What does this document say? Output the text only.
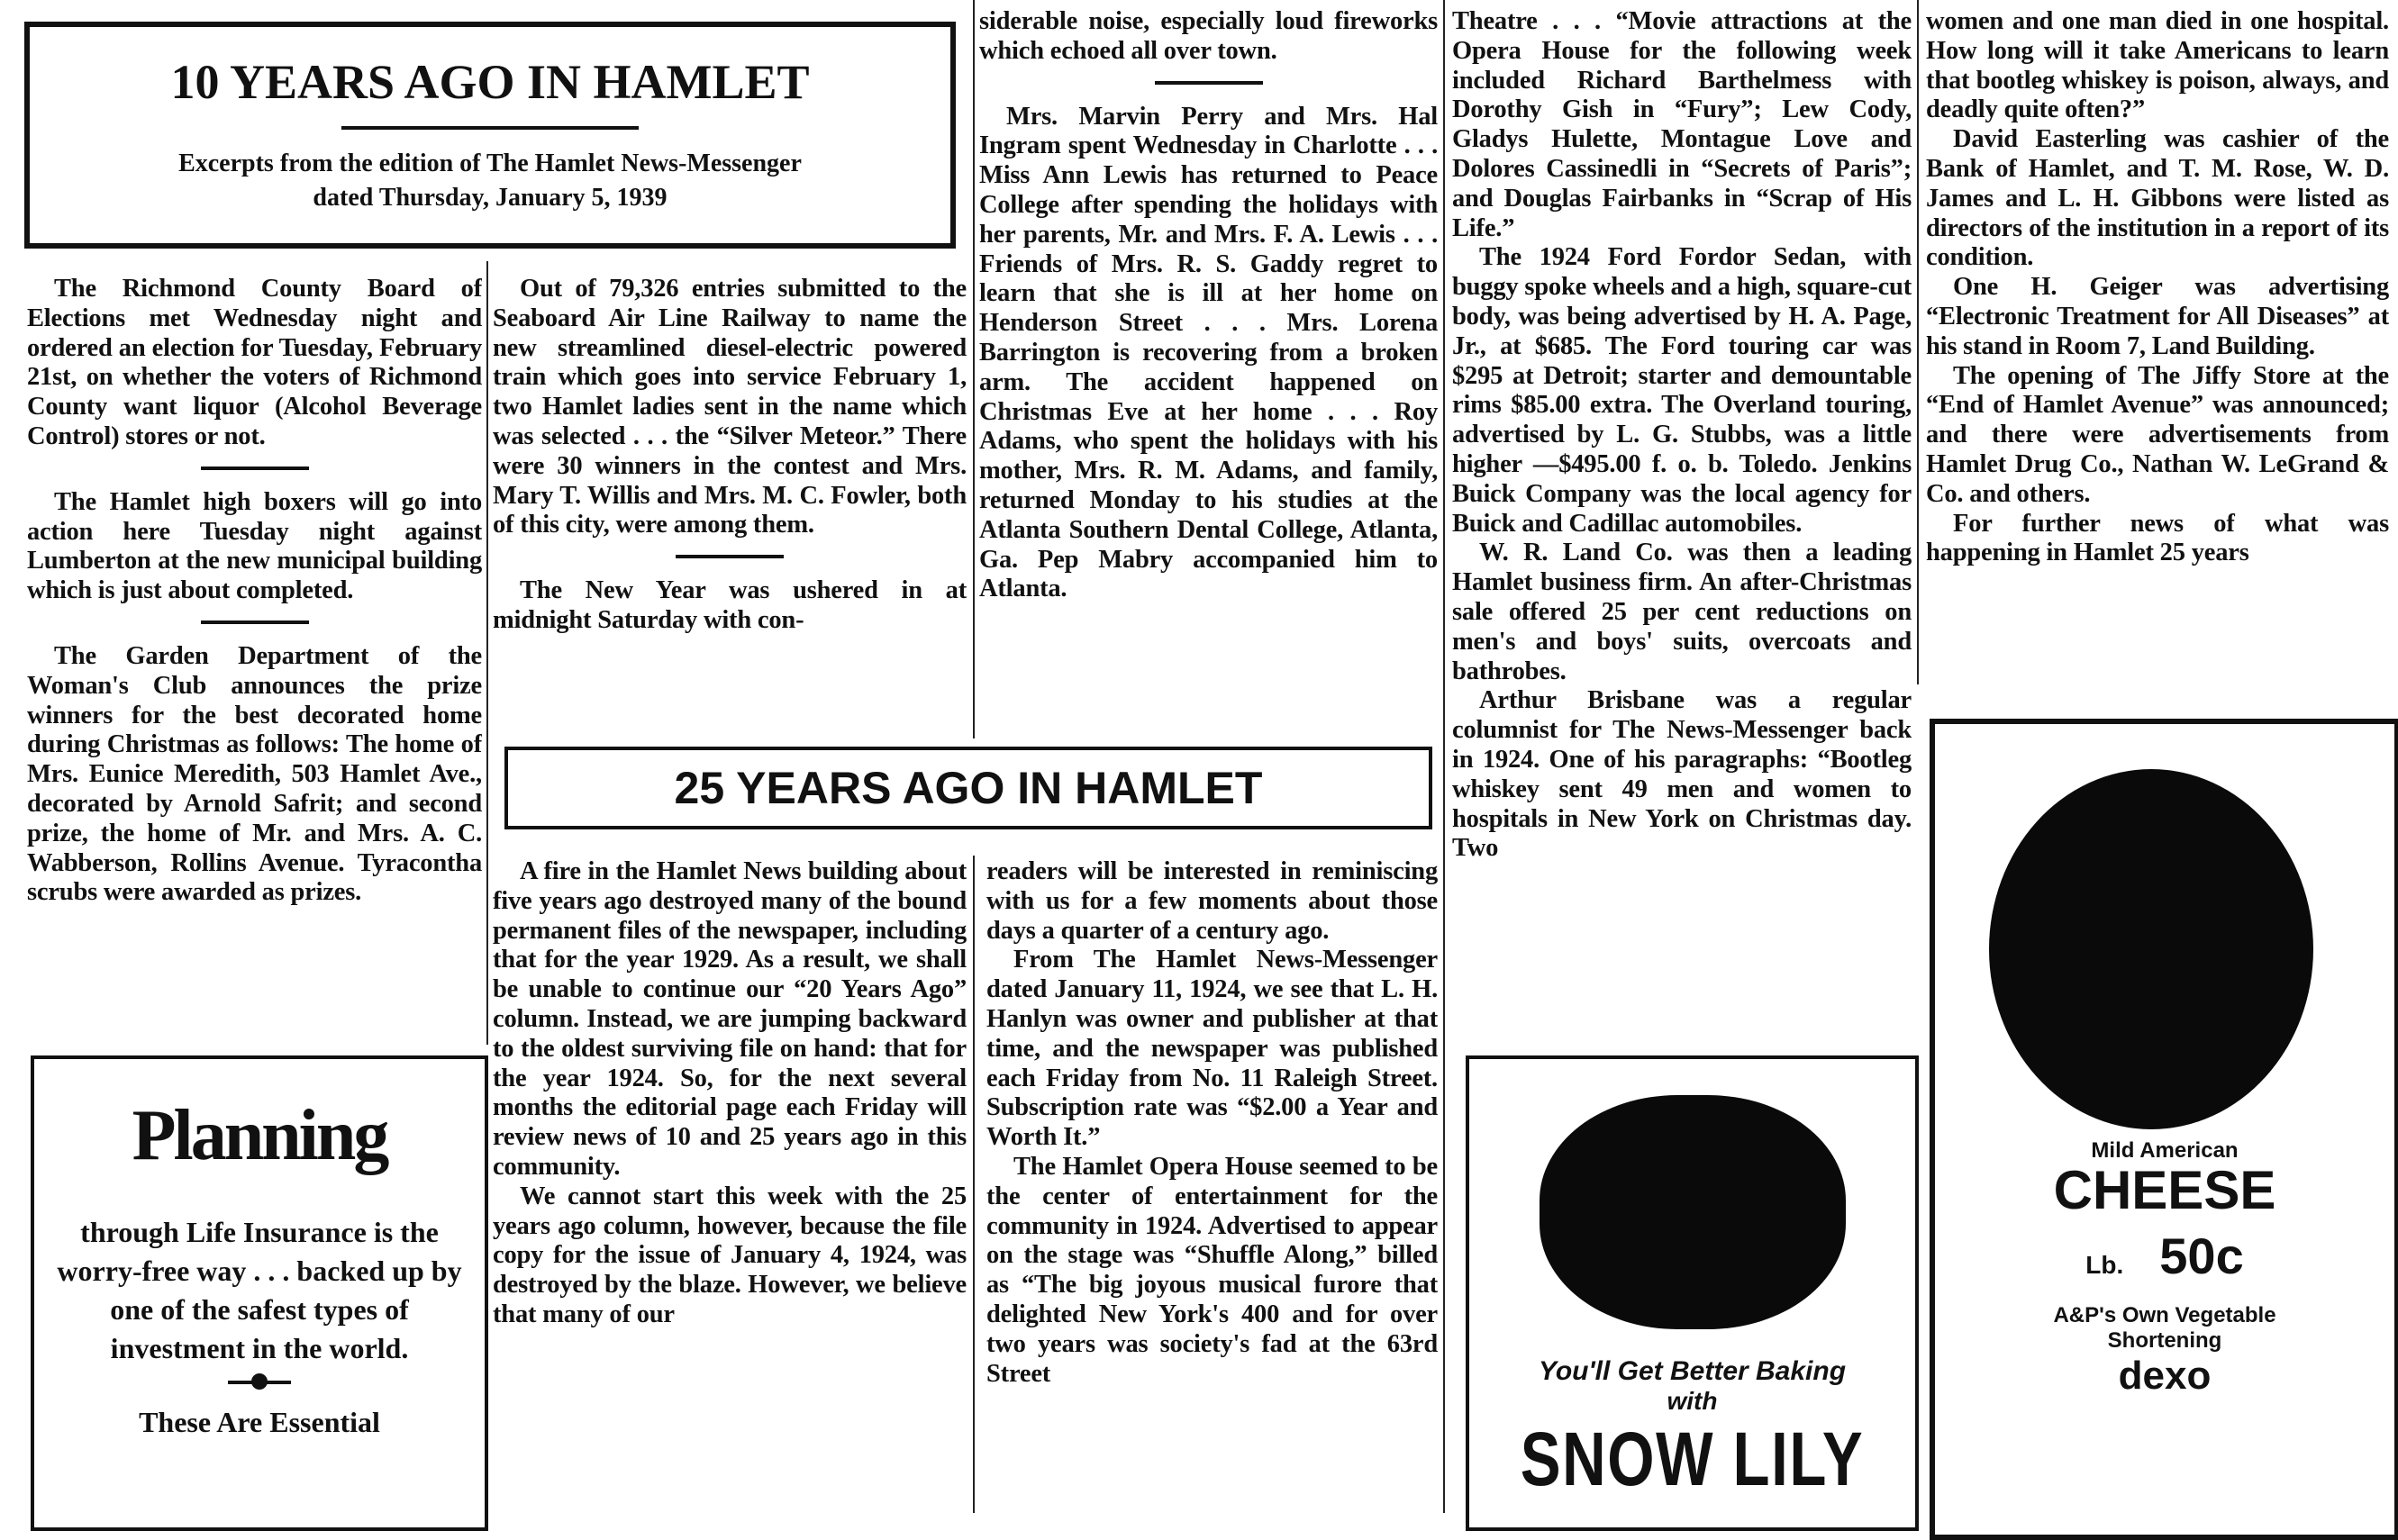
10 YEARS AGO IN HAMLET
Excerpts from the edition of The Hamlet News-Messenger
dated Thursday, January 5, 1939

The Richmond County Board of Elections met Wednesday night and ordered an election for Tuesday, February 21st, on whether the voters of Richmond County want liquor (Alcohol Beverage Control) stores or not.

The Hamlet high boxers will go into action here Tuesday night against Lumberton at the new municipal building which is just about completed.

The Garden Department of the Woman's Club announces the prize winners for the best decorated home during Christmas as follows: The home of Mrs. Eunice Meredith, 503 Hamlet Ave., decorated by Arnold Safrit; and second prize, the home of Mr. and Mrs. A. C. Wabberson, Rollins Avenue. Tyracontha scrubs were awarded as prizes.

Out of 79,326 entries submitted to the Seaboard Air Line Railway to name the new streamlined diesel-electric powered train which goes into service February 1, two Hamlet ladies sent in the name which was selected . . . the “Silver Meteor.” There were 30 winners in the contest and Mrs. Mary T. Willis and Mrs. M. C. Fowler, both of this city, were among them.

The New Year was ushered in at midnight Saturday with con-

siderable noise, especially loud fireworks which echoed all over town.

Mrs. Marvin Perry and Mrs. Hal Ingram spent Wednesday in Charlotte . . . Miss Ann Lewis has returned to Peace College after spending the holidays with her parents, Mr. and Mrs. F. A. Lewis . . . Friends of Mrs. R. S. Gaddy regret to learn that she is ill at her home on Henderson Street . . . Mrs. Lorena Barrington is recovering from a broken arm. The accident happened on Christmas Eve at her home . . . Roy Adams, who spent the holidays with his mother, Mrs. R. M. Adams, and family, returned Monday to his studies at the Atlanta Southern Dental College, Atlanta, Ga. Pep Mabry accompanied him to Atlanta.

25 YEARS AGO IN HAMLET

A fire in the Hamlet News building about five years ago destroyed many of the bound permanent files of the newspaper, including that for the year 1929. As a result, we shall be unable to continue our “20 Years Ago” column. Instead, we are jumping backward to the oldest surviving file on hand: that for the year 1924. So, for the next several months the editorial page each Friday will review news of 10 and 25 years ago in this community.

We cannot start this week with the 25 years ago column, however, because the file copy for the issue of January 4, 1924, was destroyed by the blaze. However, we believe that many of our

readers will be interested in reminiscing with us for a few moments about those days a quarter of a century ago.

From The Hamlet News-Messenger dated January 11, 1924, we see that L. H. Hanlyn was owner and publisher at that time, and the newspaper was published each Friday from No. 11 Raleigh Street. Subscription rate was “$2.00 a Year and Worth It.”

The Hamlet Opera House seemed to be the center of entertainment for the community in 1924. Advertised to appear on the stage was “Shuffle Along,” billed as “The big joyous musical furore that delighted New York's 400 and for over two years was society's fad at the 63rd Street

Theatre . . . “Movie attractions at the Opera House for the following week included Richard Barthelmess with Dorothy Gish in “Fury”; Lew Cody, Gladys Hulette, Montague Love and Dolores Cassinedli in “Secrets of Paris”; and Douglas Fairbanks in “Scrap of His Life.”

The 1924 Ford Fordor Sedan, with buggy spoke wheels and a high, square-cut body, was being advertised by H. A. Page, Jr., at $685. The Ford touring car was $295 at Detroit; starter and demountable rims $85.00 extra. The Overland touring, advertised by L. G. Stubbs, was a little higher —$495.00 f. o. b. Toledo. Jenkins Buick Company was the local agency for Buick and Cadillac automobiles.

W. R. Land Co. was then a leading Hamlet business firm. An after-Christmas sale offered 25 per cent reductions on men's and boys' suits, overcoats and bathrobes.

Arthur Brisbane was a regular columnist for The News-Messenger back in 1924. One of his paragraphs: “Bootleg whiskey sent 49 men and women to hospitals in New York on Christmas day. Two

women and one man died in one hospital. How long will it take Americans to learn that bootleg whiskey is poison, always, and deadly quite often?”

David Easterling was cashier of the Bank of Hamlet, and T. M. Rose, W. D. James and L. H. Gibbons were listed as directors of the institution in a report of its condition.

One H. Geiger was advertising “Electronic Treatment for All Diseases” at his stand in Room 7, Land Building.

The opening of The Jiffy Store at the “End of Hamlet Avenue” was announced; and there were advertisements from Hamlet Drug Co., Nathan W. LeGrand & Co. and others.

For further news of what was happening in Hamlet 25 years

Planning
through Life Insurance is the worry-free way . . . backed up by one of the safest types of investment in the world.
These Are Essential
You'll Get Better Baking
with
SNOW LILY
Mild American
CHEESE
Lb. 50c
A&P's Own Vegetable Shortening
dexo
